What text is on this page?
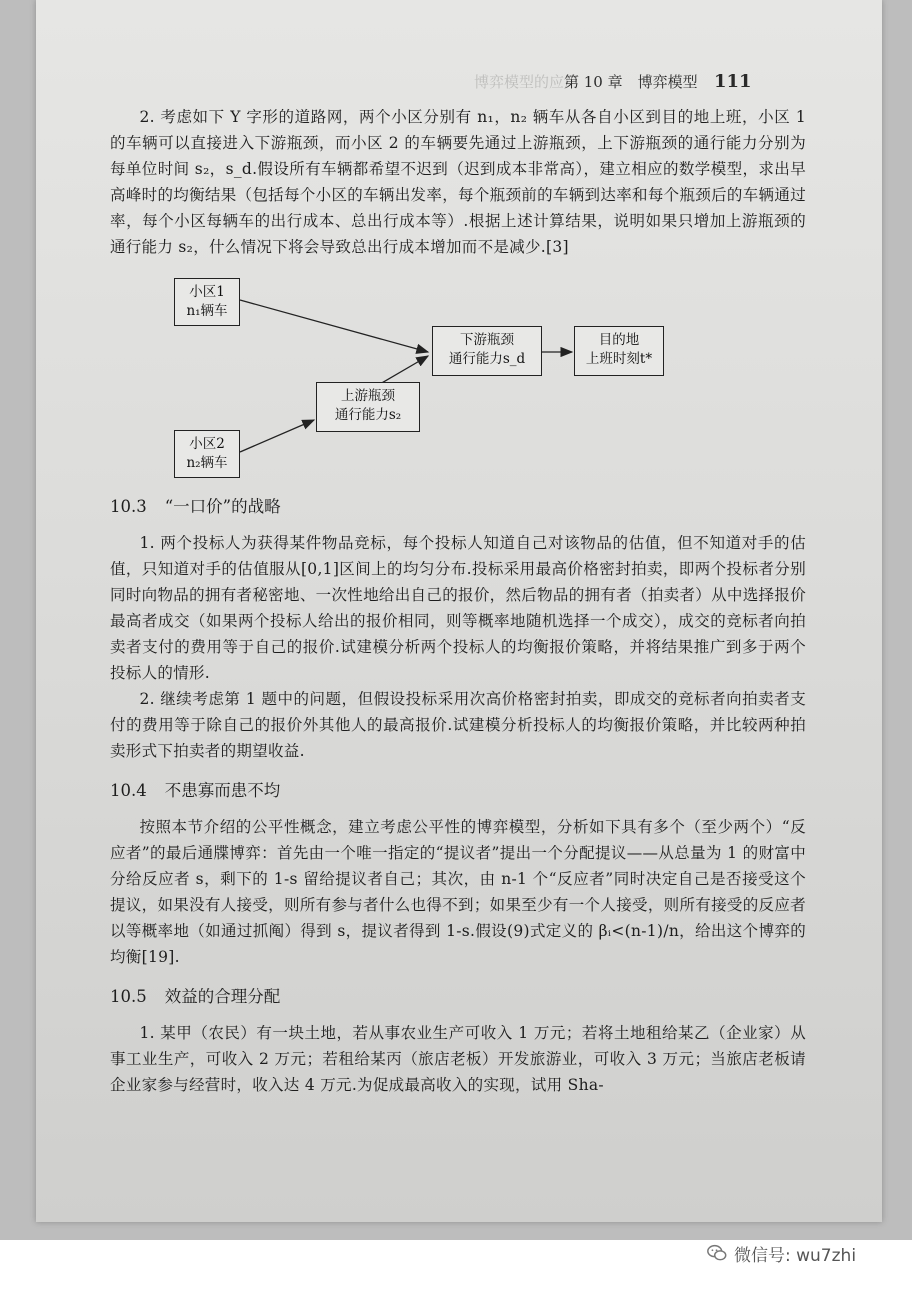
博弈模型的应用
第 10 章　博弈模型 111

2. 考虑如下 Y 字形的道路网，两个小区分别有 n₁，n₂ 辆车从各自小区到目的地上班，小区 1 的车辆可以直接进入下游瓶颈，而小区 2 的车辆要先通过上游瓶颈，上下游瓶颈的通行能力分别为每单位时间 s₂，s_d.假设所有车辆都希望不迟到（迟到成本非常高），建立相应的数学模型，求出早高峰时的均衡结果（包括每个小区的车辆出发率，每个瓶颈前的车辆到达率和每个瓶颈后的车辆通过率，每个小区每辆车的出行成本、总出行成本等）.根据上述计算结果，说明如果只增加上游瓶颈的通行能力 s₂，什么情况下将会导致总出行成本增加而不是减少.[3]

小区1
n₁辆车
下游瓶颈
通行能力s_d
目的地
上班时刻t*
上游瓶颈
通行能力s₂
小区2
n₂辆车
10.3 “一口价”的战略

1. 两个投标人为获得某件物品竞标，每个投标人知道自己对该物品的估值，但不知道对手的估值，只知道对手的估值服从[0,1]区间上的均匀分布.投标采用最高价格密封拍卖，即两个投标者分别同时向物品的拥有者秘密地、一次性地给出自己的报价，然后物品的拥有者（拍卖者）从中选择报价最高者成交（如果两个投标人给出的报价相同，则等概率地随机选择一个成交），成交的竞标者向拍卖者支付的费用等于自己的报价.试建模分析两个投标人的均衡报价策略，并将结果推广到多于两个投标人的情形.

2. 继续考虑第 1 题中的问题，但假设投标采用次高价格密封拍卖，即成交的竞标者向拍卖者支付的费用等于除自己的报价外其他人的最高报价.试建模分析投标人的均衡报价策略，并比较两种拍卖形式下拍卖者的期望收益.

10.4 不患寡而患不均

按照本节介绍的公平性概念，建立考虑公平性的博弈模型，分析如下具有多个（至少两个）“反应者”的最后通牒博弈：首先由一个唯一指定的“提议者”提出一个分配提议——从总量为 1 的财富中分给反应者 s，剩下的 1-s 留给提议者自己；其次，由 n-1 个“反应者”同时决定自己是否接受这个提议，如果没有人接受，则所有参与者什么也得不到；如果至少有一个人接受，则所有接受的反应者以等概率地（如通过抓阄）得到 s，提议者得到 1-s.假设(9)式定义的 βᵢ<(n-1)/n，给出这个博弈的均衡[19].

10.5 效益的合理分配

1. 某甲（农民）有一块土地，若从事农业生产可收入 1 万元；若将土地租给某乙（企业家）从事工业生产，可收入 2 万元；若租给某丙（旅店老板）开发旅游业，可收入 3 万元；当旅店老板请企业家参与经营时，收入达 4 万元.为促成最高收入的实现，试用 Sha-

微信号: wu7zhi
